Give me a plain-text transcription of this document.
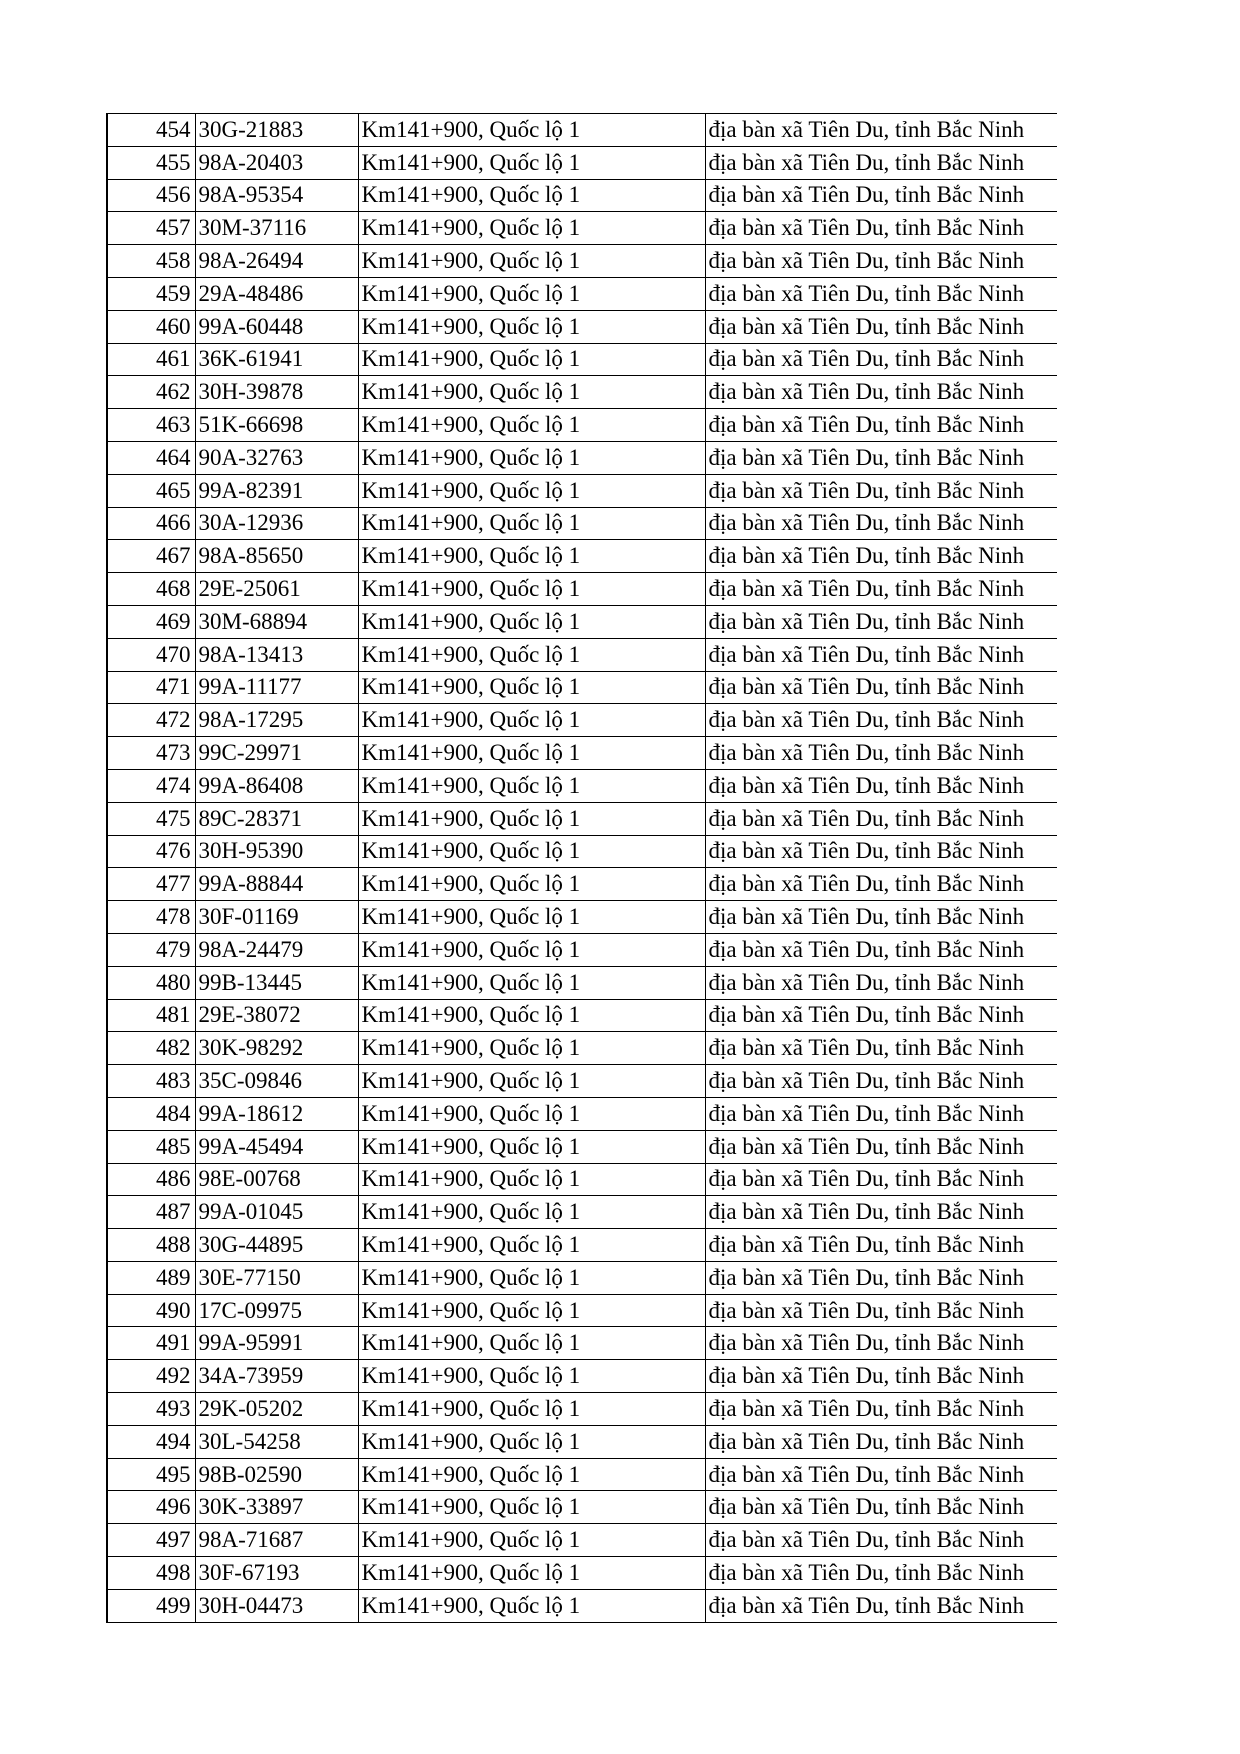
454	30G-21883	Km141+900, Quốc lộ 1	địa bàn xã Tiên Du, tỉnh Bắc Ninh
455	98A-20403	Km141+900, Quốc lộ 1	địa bàn xã Tiên Du, tỉnh Bắc Ninh
456	98A-95354	Km141+900, Quốc lộ 1	địa bàn xã Tiên Du, tỉnh Bắc Ninh
457	30M-37116	Km141+900, Quốc lộ 1	địa bàn xã Tiên Du, tỉnh Bắc Ninh
458	98A-26494	Km141+900, Quốc lộ 1	địa bàn xã Tiên Du, tỉnh Bắc Ninh
459	29A-48486	Km141+900, Quốc lộ 1	địa bàn xã Tiên Du, tỉnh Bắc Ninh
460	99A-60448	Km141+900, Quốc lộ 1	địa bàn xã Tiên Du, tỉnh Bắc Ninh
461	36K-61941	Km141+900, Quốc lộ 1	địa bàn xã Tiên Du, tỉnh Bắc Ninh
462	30H-39878	Km141+900, Quốc lộ 1	địa bàn xã Tiên Du, tỉnh Bắc Ninh
463	51K-66698	Km141+900, Quốc lộ 1	địa bàn xã Tiên Du, tỉnh Bắc Ninh
464	90A-32763	Km141+900, Quốc lộ 1	địa bàn xã Tiên Du, tỉnh Bắc Ninh
465	99A-82391	Km141+900, Quốc lộ 1	địa bàn xã Tiên Du, tỉnh Bắc Ninh
466	30A-12936	Km141+900, Quốc lộ 1	địa bàn xã Tiên Du, tỉnh Bắc Ninh
467	98A-85650	Km141+900, Quốc lộ 1	địa bàn xã Tiên Du, tỉnh Bắc Ninh
468	29E-25061	Km141+900, Quốc lộ 1	địa bàn xã Tiên Du, tỉnh Bắc Ninh
469	30M-68894	Km141+900, Quốc lộ 1	địa bàn xã Tiên Du, tỉnh Bắc Ninh
470	98A-13413	Km141+900, Quốc lộ 1	địa bàn xã Tiên Du, tỉnh Bắc Ninh
471	99A-11177	Km141+900, Quốc lộ 1	địa bàn xã Tiên Du, tỉnh Bắc Ninh
472	98A-17295	Km141+900, Quốc lộ 1	địa bàn xã Tiên Du, tỉnh Bắc Ninh
473	99C-29971	Km141+900, Quốc lộ 1	địa bàn xã Tiên Du, tỉnh Bắc Ninh
474	99A-86408	Km141+900, Quốc lộ 1	địa bàn xã Tiên Du, tỉnh Bắc Ninh
475	89C-28371	Km141+900, Quốc lộ 1	địa bàn xã Tiên Du, tỉnh Bắc Ninh
476	30H-95390	Km141+900, Quốc lộ 1	địa bàn xã Tiên Du, tỉnh Bắc Ninh
477	99A-88844	Km141+900, Quốc lộ 1	địa bàn xã Tiên Du, tỉnh Bắc Ninh
478	30F-01169	Km141+900, Quốc lộ 1	địa bàn xã Tiên Du, tỉnh Bắc Ninh
479	98A-24479	Km141+900, Quốc lộ 1	địa bàn xã Tiên Du, tỉnh Bắc Ninh
480	99B-13445	Km141+900, Quốc lộ 1	địa bàn xã Tiên Du, tỉnh Bắc Ninh
481	29E-38072	Km141+900, Quốc lộ 1	địa bàn xã Tiên Du, tỉnh Bắc Ninh
482	30K-98292	Km141+900, Quốc lộ 1	địa bàn xã Tiên Du, tỉnh Bắc Ninh
483	35C-09846	Km141+900, Quốc lộ 1	địa bàn xã Tiên Du, tỉnh Bắc Ninh
484	99A-18612	Km141+900, Quốc lộ 1	địa bàn xã Tiên Du, tỉnh Bắc Ninh
485	99A-45494	Km141+900, Quốc lộ 1	địa bàn xã Tiên Du, tỉnh Bắc Ninh
486	98E-00768	Km141+900, Quốc lộ 1	địa bàn xã Tiên Du, tỉnh Bắc Ninh
487	99A-01045	Km141+900, Quốc lộ 1	địa bàn xã Tiên Du, tỉnh Bắc Ninh
488	30G-44895	Km141+900, Quốc lộ 1	địa bàn xã Tiên Du, tỉnh Bắc Ninh
489	30E-77150	Km141+900, Quốc lộ 1	địa bàn xã Tiên Du, tỉnh Bắc Ninh
490	17C-09975	Km141+900, Quốc lộ 1	địa bàn xã Tiên Du, tỉnh Bắc Ninh
491	99A-95991	Km141+900, Quốc lộ 1	địa bàn xã Tiên Du, tỉnh Bắc Ninh
492	34A-73959	Km141+900, Quốc lộ 1	địa bàn xã Tiên Du, tỉnh Bắc Ninh
493	29K-05202	Km141+900, Quốc lộ 1	địa bàn xã Tiên Du, tỉnh Bắc Ninh
494	30L-54258	Km141+900, Quốc lộ 1	địa bàn xã Tiên Du, tỉnh Bắc Ninh
495	98B-02590	Km141+900, Quốc lộ 1	địa bàn xã Tiên Du, tỉnh Bắc Ninh
496	30K-33897	Km141+900, Quốc lộ 1	địa bàn xã Tiên Du, tỉnh Bắc Ninh
497	98A-71687	Km141+900, Quốc lộ 1	địa bàn xã Tiên Du, tỉnh Bắc Ninh
498	30F-67193	Km141+900, Quốc lộ 1	địa bàn xã Tiên Du, tỉnh Bắc Ninh
499	30H-04473	Km141+900, Quốc lộ 1	địa bàn xã Tiên Du, tỉnh Bắc Ninh
